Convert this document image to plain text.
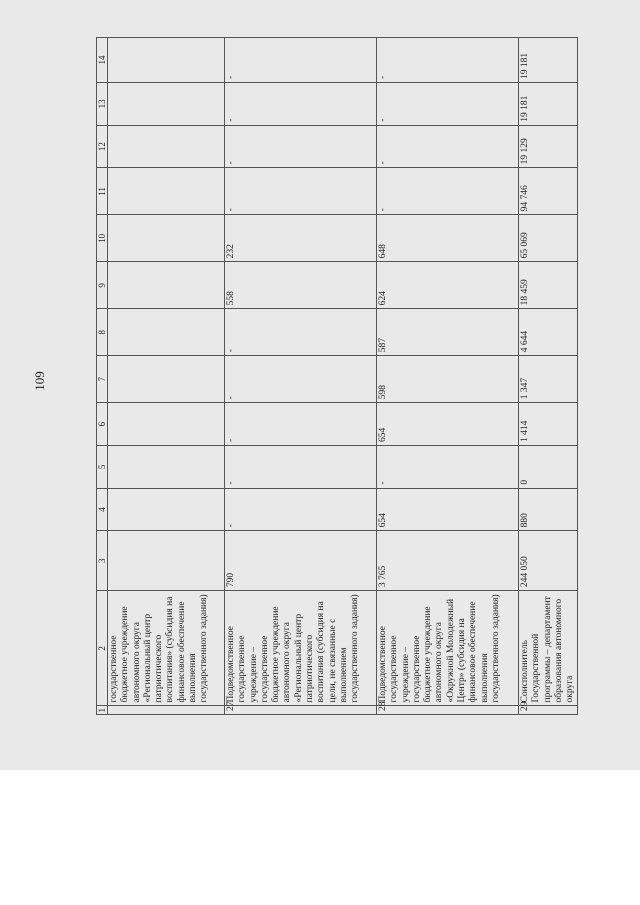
109
1	2	3	4	5	6	7	8	9	10	11	12	13	14
	государственное бюджетное учреждение автономного округа «Региональный центр патриотического воспитания» (субсидия на финансовое обеспечение выполнения государственного задания)												
27	Подведомственное государственное учреждение – государственное бюджетное учреждение автономного округа «Региональный центр патриотического воспитания (субсидия на цели, не связанные с выполнением государственного задания)	790	-	-	-	-	-	558	232	-	-	-	-
28	Подведомственное государственное учреждение – государственное бюджетное учреждение автономного округа «Окружной Молодежный Центр» (субсидия на финансовое обеспечение выполнения государственного задания)	3 765	654	-	654	598	587	624	648	-	-	-	-
29	Соисполнитель Государственной программы – департамент образования автономного округа	244 050	880	0	1 414	1 347	4 644	18 459	65 069	94 746	19 129	19 181	19 181
